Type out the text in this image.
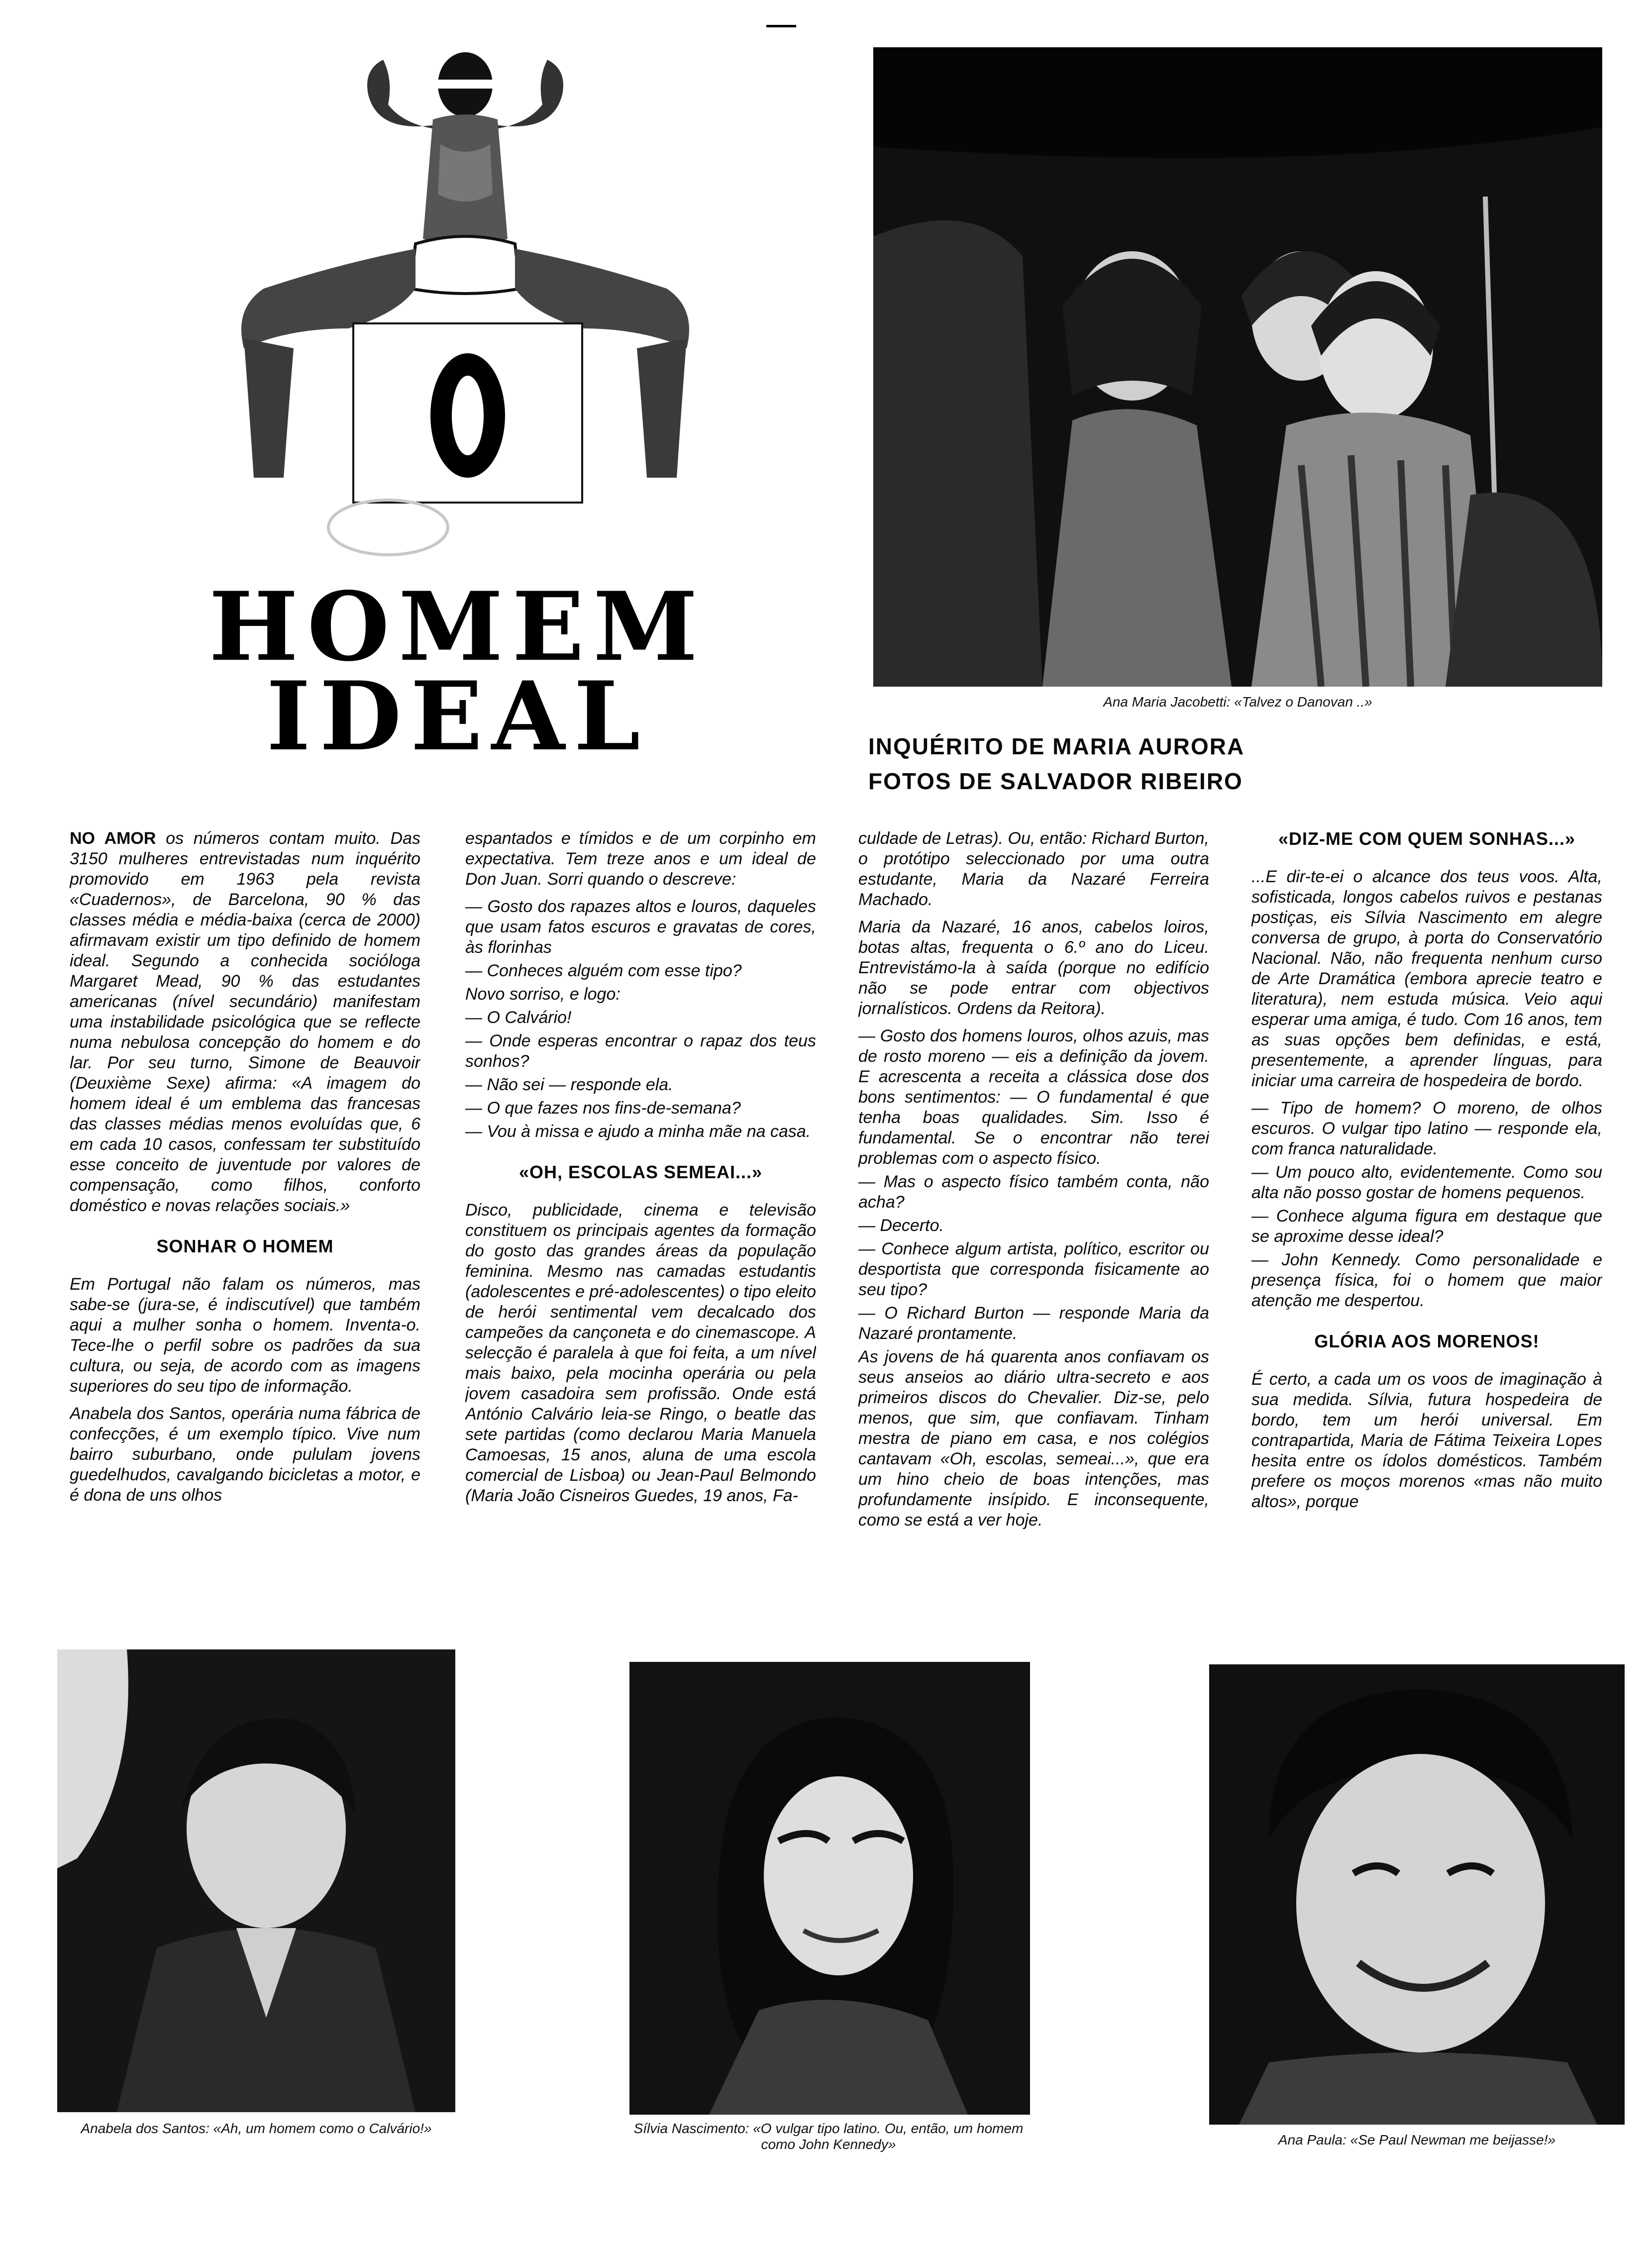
HOMEM
IDEAL	Ana Maria Jacobetti: «Talvez o Danovan ..»
INQUÉRITO DE MARIA AURORA
FOTOS DE SALVADOR RIBEIRO

NO AMOR os números contam muito. Das 3150 mulheres entrevistadas num inquérito promovido em 1963 pela revista «Cuadernos», de Barcelona, 90 % das classes média e média-baixa (cerca de 2000) afirmavam existir um tipo definido de homem ideal. Segundo a conhecida socióloga Margaret Mead, 90 % das estudantes americanas (nível secundário) manifestam uma instabilidade psicológica que se reflecte numa nebulosa concepção do homem e do lar. Por seu turno, Simone de Beauvoir (Deuxième Sexe) afirma: «A imagem do homem ideal é um emblema das francesas das classes médias menos evoluídas que, 6 em cada 10 casos, confessam ter substituído esse conceito de juventude por valores de compensação, como filhos, conforto doméstico e novas relações sociais.»

SONHAR O HOMEM

Em Portugal não falam os números, mas sabe-se (jura-se, é indiscutível) que também aqui a mulher sonha o homem. Inventa-o. Tece-lhe o perfil sobre os padrões da sua cultura, ou seja, de acordo com as imagens superiores do seu tipo de informação.

Anabela dos Santos, operária numa fábrica de confecções, é um exemplo típico. Vive num bairro suburbano, onde pululam jovens guedelhudos, cavalgando bicicletas a motor, e é dona de uns olhos

espantados e tímidos e de um corpinho em expectativa. Tem treze anos e um ideal de Don Juan. Sorri quando o descreve:

— Gosto dos rapazes altos e louros, daqueles que usam fatos escuros e gravatas de cores, às florinhas

— Conheces alguém com esse tipo?

Novo sorriso, e logo:

— O Calvário!

— Onde esperas encontrar o rapaz dos teus sonhos?

— Não sei — responde ela.

— O que fazes nos fins-de-semana?

— Vou à missa e ajudo a minha mãe na casa.

«OH, ESCOLAS SEMEAI...»

Disco, publicidade, cinema e televisão constituem os principais agentes da formação do gosto das grandes áreas da população feminina. Mesmo nas camadas estudantis (adolescentes e pré-adolescentes) o tipo eleito de herói sentimental vem decalcado dos campeões da cançoneta e do cinemascope. A selecção é paralela à que foi feita, a um nível mais baixo, pela mocinha operária ou pela jovem casadoira sem profissão. Onde está António Calvário leia-se Ringo, o beatle das sete partidas (como declarou Maria Manuela Camoesas, 15 anos, aluna de uma escola comercial de Lisboa) ou Jean-Paul Belmondo (Maria João Cisneiros Guedes, 19 anos, Fa-

culdade de Letras). Ou, então: Richard Burton, o protótipo seleccionado por uma outra estudante, Maria da Nazaré Ferreira Machado.

Maria da Nazaré, 16 anos, cabelos loiros, botas altas, frequenta o 6.º ano do Liceu. Entrevistámo-la à saída (porque no edifício não se pode entrar com objectivos jornalísticos. Ordens da Reitora).

— Gosto dos homens louros, olhos azuis, mas de rosto moreno — eis a definição da jovem. E acrescenta a receita a clássica dose dos bons sentimentos: — O fundamental é que tenha boas qualidades. Sim. Isso é fundamental. Se o encontrar não terei problemas com o aspecto físico.

— Mas o aspecto físico também conta, não acha?

— Decerto.

— Conhece algum artista, político, escritor ou desportista que corresponda fisicamente ao seu tipo?

— O Richard Burton — responde Maria da Nazaré prontamente.

As jovens de há quarenta anos confiavam os seus anseios ao diário ultra-secreto e aos primeiros discos do Chevalier. Diz-se, pelo menos, que sim, que confiavam. Tinham mestra de piano em casa, e nos colégios cantavam «Oh, escolas, semeai...», que era um hino cheio de boas intenções, mas profundamente insípido. E inconsequente, como se está a ver hoje.

«DIZ-ME COM QUEM SONHAS...»

...E dir-te-ei o alcance dos teus voos. Alta, sofisticada, longos cabelos ruivos e pestanas postiças, eis Sílvia Nascimento em alegre conversa de grupo, à porta do Conservatório Nacional. Não, não frequenta nenhum curso de Arte Dramática (embora aprecie teatro e literatura), nem estuda música. Veio aqui esperar uma amiga, é tudo. Com 16 anos, tem as suas opções bem definidas, e está, presentemente, a aprender línguas, para iniciar uma carreira de hospedeira de bordo.

— Tipo de homem? O moreno, de olhos escuros. O vulgar tipo latino — responde ela, com franca naturalidade.

— Um pouco alto, evidentemente. Como sou alta não posso gostar de homens pequenos.

— Conhece alguma figura em destaque que se aproxime desse ideal?

— John Kennedy. Como personalidade e presença física, foi o homem que maior atenção me despertou.

GLÓRIA AOS MORENOS!

É certo, a cada um os voos de imaginação à sua medida. Sílvia, futura hospedeira de bordo, tem um herói universal. Em contrapartida, Maria de Fátima Teixeira Lopes hesita entre os ídolos domésticos. Também prefere os moços morenos «mas não muito altos», porque

Anabela dos Santos: «Ah, um homem como o Calvário!»	Sílvia Nascimento: «O vulgar tipo latino. Ou, então, um homem como John Kennedy»	Ana Paula: «Se Paul Newman me beijasse!»
